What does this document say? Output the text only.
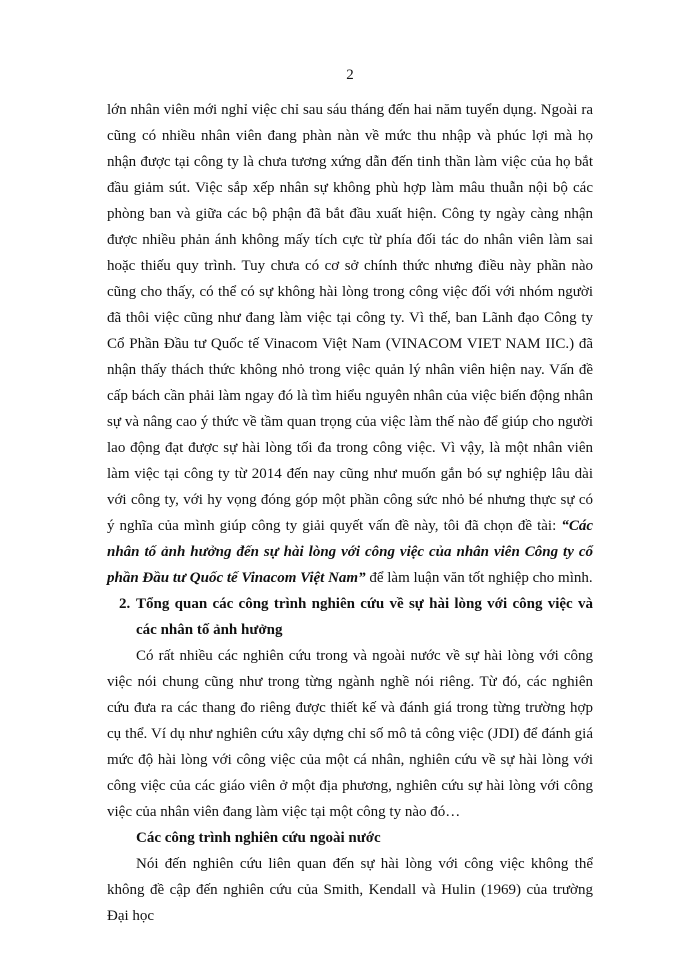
2

lớn nhân viên mới nghỉ việc chỉ sau sáu tháng đến hai năm tuyển dụng. Ngoài ra cũng có nhiều nhân viên đang phàn nàn về mức thu nhập và phúc lợi mà họ nhận được tại công ty là chưa tương xứng dẫn đến tinh thần làm việc của họ bắt đầu giảm sút. Việc sắp xếp nhân sự không phù hợp làm mâu thuẫn nội bộ các phòng ban và giữa các bộ phận đã bắt đầu xuất hiện. Công ty ngày càng nhận được nhiều phản ánh không mấy tích cực từ phía đối tác do nhân viên làm sai hoặc thiếu quy trình. Tuy chưa có cơ sở chính thức nhưng điều này phần nào cũng cho thấy, có thể có sự không hài lòng trong công việc đối với nhóm người đã thôi việc cũng như đang làm việc tại công ty. Vì thế, ban Lãnh đạo Công ty Cổ Phần Đầu tư Quốc tế Vinacom Việt Nam (VINACOM VIET NAM IIC.) đã nhận thấy thách thức không nhỏ trong việc quản lý nhân viên hiện nay. Vấn đề cấp bách cần phải làm ngay đó là tìm hiểu nguyên nhân của việc biến động nhân sự và nâng cao ý thức về tầm quan trọng của việc làm thế nào để giúp cho người lao động đạt được sự hài lòng tối đa trong công việc. Vì vậy, là một nhân viên làm việc tại công ty từ 2014 đến nay cũng như muốn gắn bó sự nghiệp lâu dài với công ty, với hy vọng đóng góp một phần công sức nhỏ bé nhưng thực sự có ý nghĩa của mình giúp công ty giải quyết vấn đề này, tôi đã chọn đề tài: “Các nhân tố ảnh hưởng đến sự hài lòng với công việc của nhân viên Công ty cổ phần Đầu tư Quốc tế Vinacom Việt Nam” để làm luận văn tốt nghiệp cho mình.

2. Tổng quan các công trình nghiên cứu về sự hài lòng với công việc và các nhân tố ảnh hưởng

Có rất nhiều các nghiên cứu trong và ngoài nước về sự hài lòng với công việc nói chung cũng như trong từng ngành nghề nói riêng. Từ đó, các nghiên cứu đưa ra các thang đo riêng được thiết kế và đánh giá trong từng trường hợp cụ thể. Ví dụ như nghiên cứu xây dựng chỉ số mô tả công việc (JDI) để đánh giá mức độ hài lòng với công việc của một cá nhân, nghiên cứu về sự hài lòng với công việc của các giáo viên ở một địa phương, nghiên cứu sự hài lòng với công việc của nhân viên đang làm việc tại một công ty nào đó…

Các công trình nghiên cứu ngoài nước

Nói đến nghiên cứu liên quan đến sự hài lòng với công việc không thể không đề cập đến nghiên cứu của Smith, Kendall và Hulin (1969) của trường Đại học
